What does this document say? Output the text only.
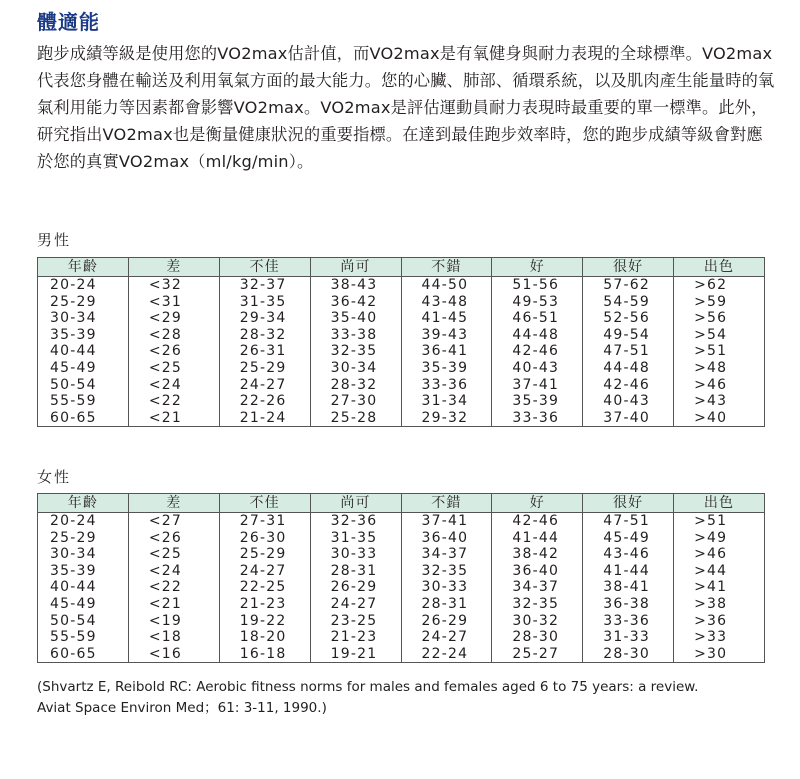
體適能

跑步成績等級是使用您的VO2max估計值，而VO2max是有氧健身與耐力表現的全球標準。VO2max代表您身體在輸送及利用氧氣方面的最大能力。您的心臟、肺部、循環系統，以及肌肉產生能量時的氧氣利用能力等因素都會影響VO2max。VO2max是評估運動員耐力表現時最重要的單一標準。此外，研究指出VO2max也是衡量健康狀況的重要指標。在達到最佳跑步效率時，您的跑步成績等級會對應於您的真實VO2max（ml/kg/min）。

男性
年齡	差	不佳	尚可	不錯	好	很好	出色
20-24	<32	32-37	38-43	44-50	51-56	57-62	>62
25-29	<31	31-35	36-42	43-48	49-53	54-59	>59
30-34	<29	29-34	35-40	41-45	46-51	52-56	>56
35-39	<28	28-32	33-38	39-43	44-48	49-54	>54
40-44	<26	26-31	32-35	36-41	42-46	47-51	>51
45-49	<25	25-29	30-34	35-39	40-43	44-48	>48
50-54	<24	24-27	28-32	33-36	37-41	42-46	>46
55-59	<22	22-26	27-30	31-34	35-39	40-43	>43
60-65	<21	21-24	25-28	29-32	33-36	37-40	>40
女性
年齡	差	不佳	尚可	不錯	好	很好	出色
20-24	<27	27-31	32-36	37-41	42-46	47-51	>51
25-29	<26	26-30	31-35	36-40	41-44	45-49	>49
30-34	<25	25-29	30-33	34-37	38-42	43-46	>46
35-39	<24	24-27	28-31	32-35	36-40	41-44	>44
40-44	<22	22-25	26-29	30-33	34-37	38-41	>41
45-49	<21	21-23	24-27	28-31	32-35	36-38	>38
50-54	<19	19-22	23-25	26-29	30-32	33-36	>36
55-59	<18	18-20	21-23	24-27	28-30	31-33	>33
60-65	<16	16-18	19-21	22-24	25-27	28-30	>30

(Shvartz E, Reibold RC: Aerobic fitness norms for males and females aged 6 to 75 years: a review.

Aviat Space Environ Med；61: 3-11, 1990.)
